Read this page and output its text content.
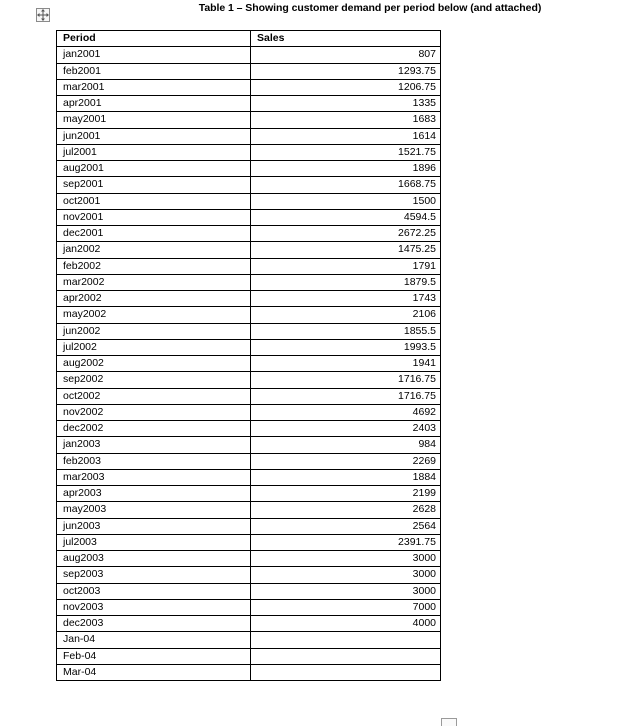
Table 1 – Showing customer demand per period below (and attached)
Period	Sales
jan2001	807
feb2001	1293.75
mar2001	1206.75
apr2001	1335
may2001	1683
jun2001	1614
jul2001	1521.75
aug2001	1896
sep2001	1668.75
oct2001	1500
nov2001	4594.5
dec2001	2672.25
jan2002	1475.25
feb2002	1791
mar2002	1879.5
apr2002	1743
may2002	2106
jun2002	1855.5
jul2002	1993.5
aug2002	1941
sep2002	1716.75
oct2002	1716.75
nov2002	4692
dec2002	2403
jan2003	984
feb2003	2269
mar2003	1884
apr2003	2199
may2003	2628
jun2003	2564
jul2003	2391.75
aug2003	3000
sep2003	3000
oct2003	3000
nov2003	7000
dec2003	4000
Jan-04	
Feb-04	
Mar-04	
